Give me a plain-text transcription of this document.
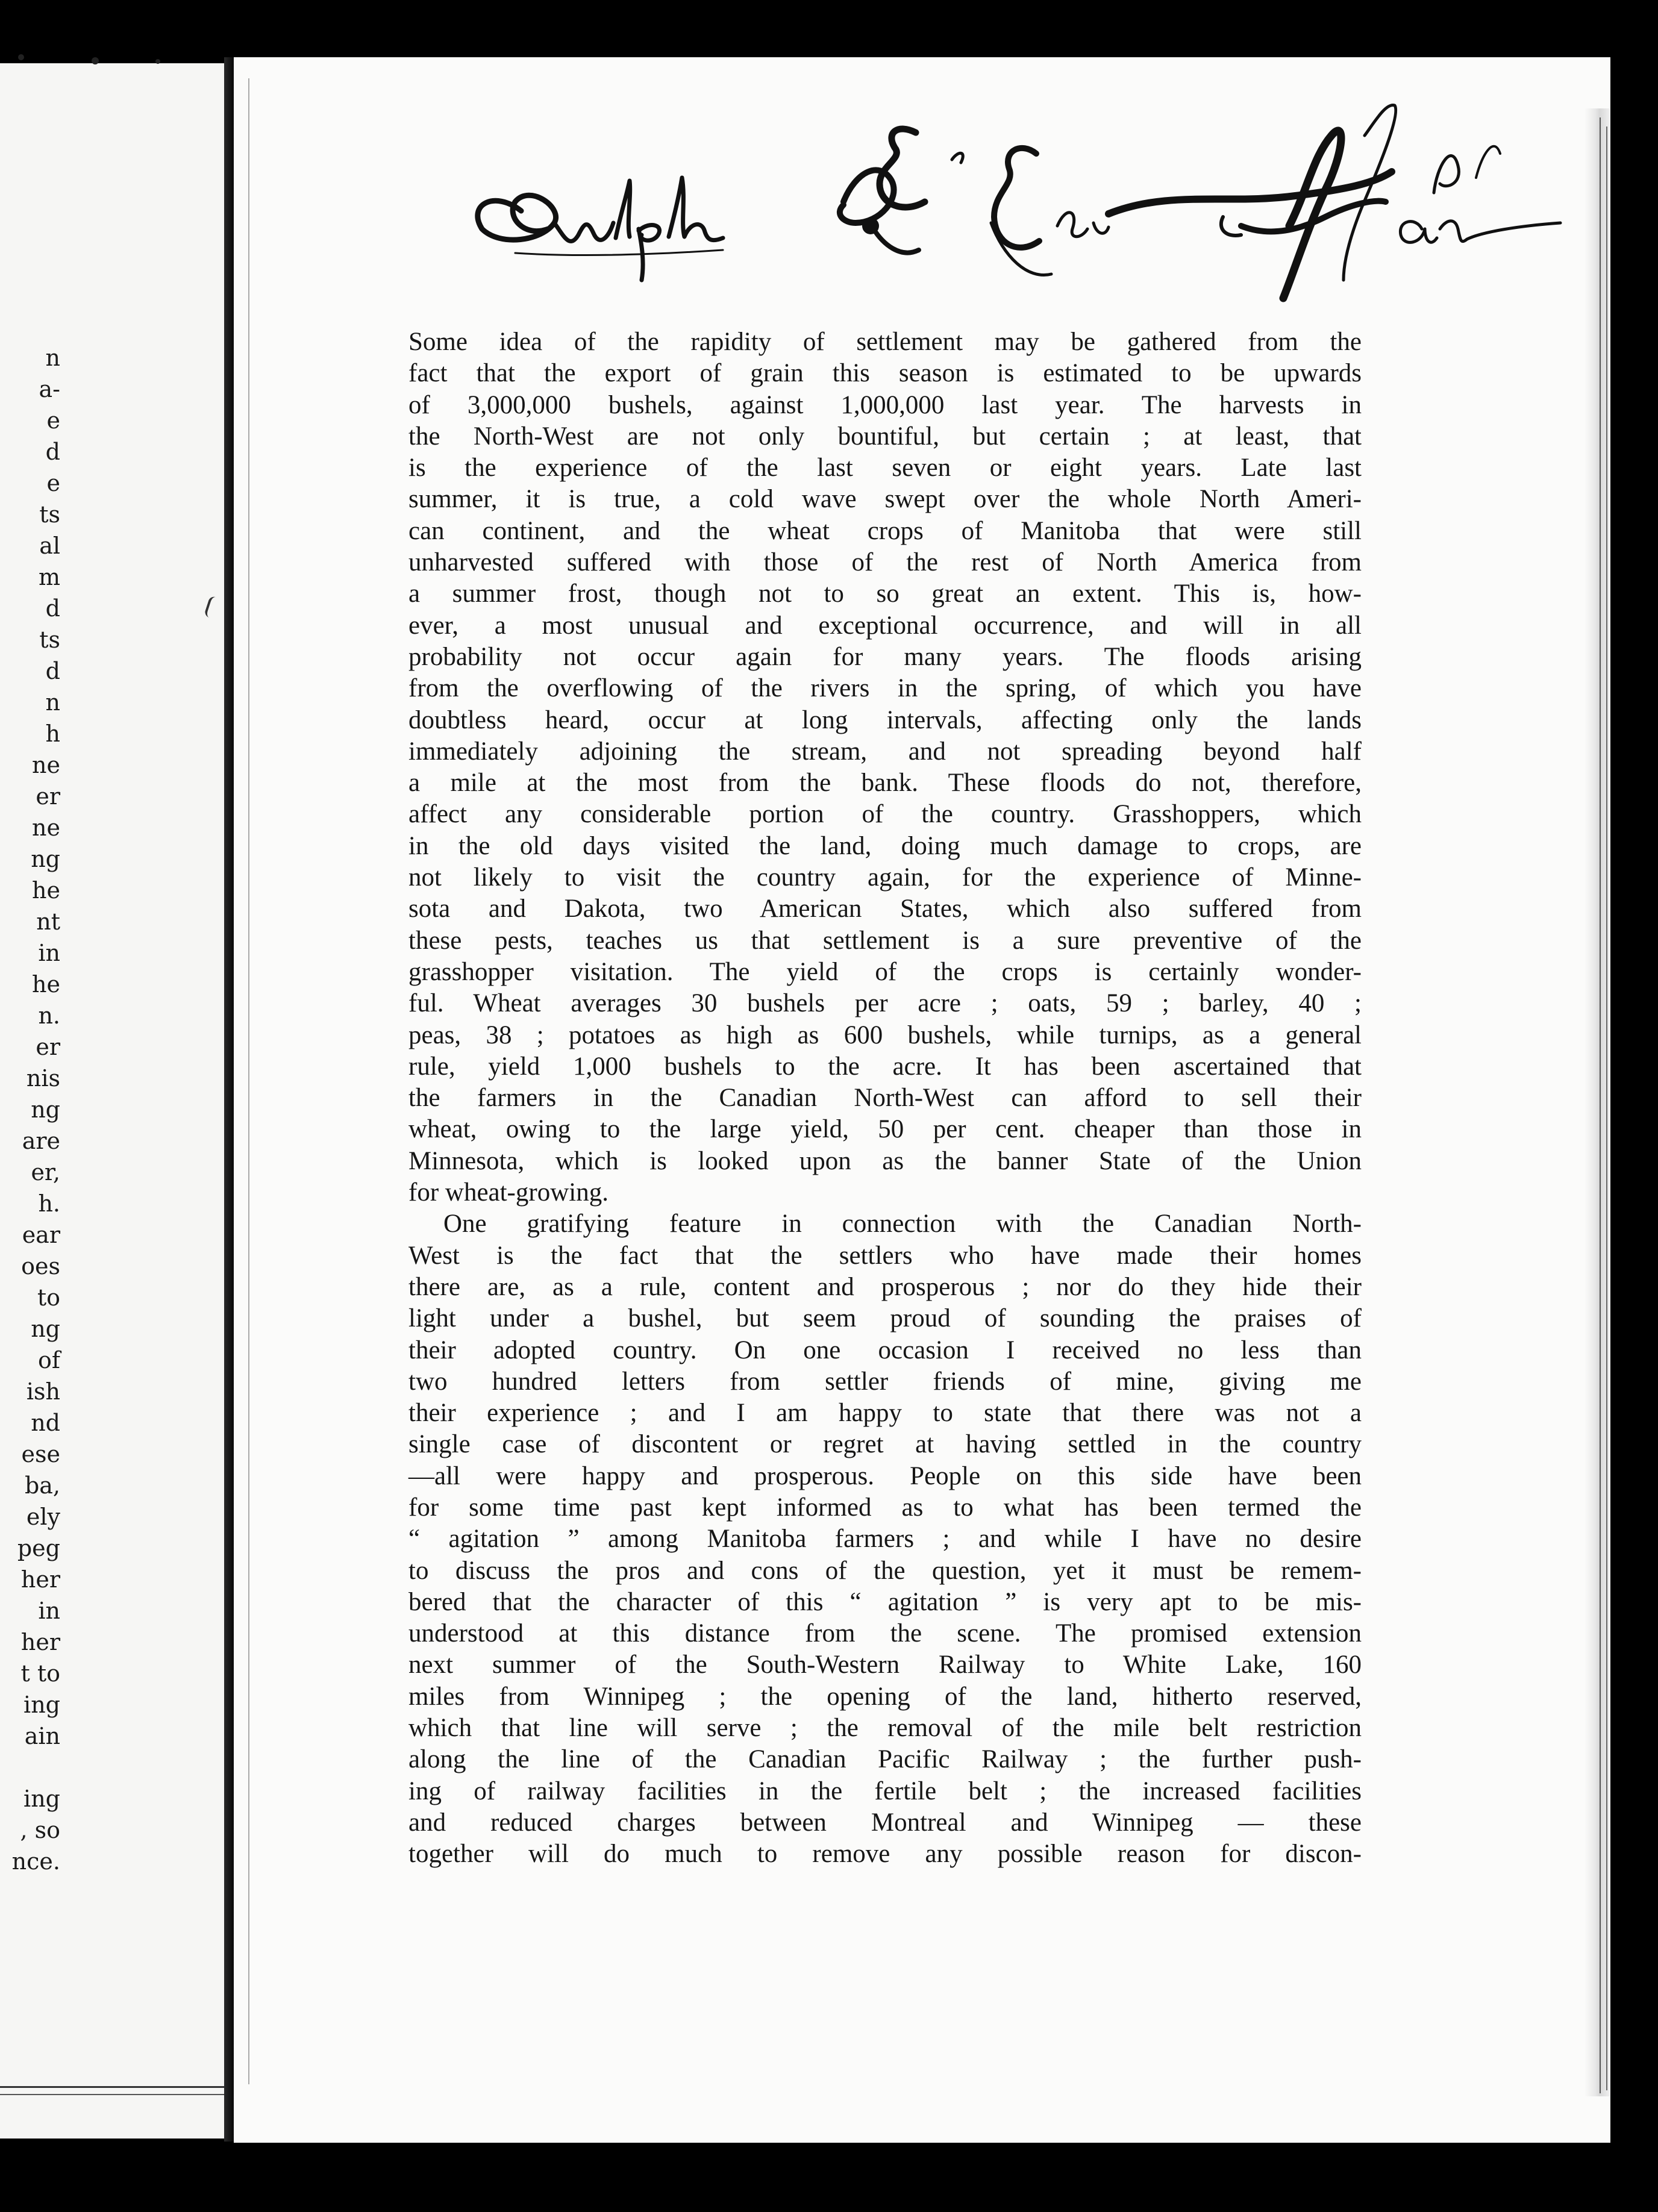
n
a-
e
d
e
ts
al
m
d
ts
d
n
h
ne
er
ne
ng
he
nt
in
he
n.
er
nis
ng
are
er,
h.
ear
oes
to
ng
of
ish
nd
ese
ba,
ely
peg
her
in
her
t to
ing
ain
ing
, so
nce.

Some idea of the rapidity of settlement may be gathered from the

fact that the export of grain this season is estimated to be upwards

of 3,000,000 bushels, against 1,000,000 last year. The harvests in

the North-West are not only bountiful, but certain ; at least, that

is the experience of the last seven or eight years. Late last

summer, it is true, a cold wave swept over the whole North Ameri-

can continent, and the wheat crops of Manitoba that were still

unharvested suffered with those of the rest of North America from

a summer frost, though not to so great an extent. This is, how-

ever, a most unusual and exceptional occurrence, and will in all

probability not occur again for many years. The floods arising

from the overflowing of the rivers in the spring, of which you have

doubtless heard, occur at long intervals, affecting only the lands

immediately adjoining the stream, and not spreading beyond half

a mile at the most from the bank. These floods do not, therefore,

affect any considerable portion of the country. Grasshoppers, which

in the old days visited the land, doing much damage to crops, are

not likely to visit the country again, for the experience of Minne-

sota and Dakota, two American States, which also suffered from

these pests, teaches us that settlement is a sure preventive of the

grasshopper visitation. The yield of the crops is certainly wonder-

ful. Wheat averages 30 bushels per acre ; oats, 59 ; barley, 40 ;

peas, 38 ; potatoes as high as 600 bushels, while turnips, as a general

rule, yield 1,000 bushels to the acre. It has been ascertained that

the farmers in the Canadian North-West can afford to sell their

wheat, owing to the large yield, 50 per cent. cheaper than those in

Minnesota, which is looked upon as the banner State of the Union

for wheat-growing.

One gratifying feature in connection with the Canadian North-

West is the fact that the settlers who have made their homes

there are, as a rule, content and prosperous ; nor do they hide their

light under a bushel, but seem proud of sounding the praises of

their adopted country. On one occasion I received no less than

two hundred letters from settler friends of mine, giving me

their experience ; and I am happy to state that there was not a

single case of discontent or regret at having settled in the country

—all were happy and prosperous. People on this side have been

for some time past kept informed as to what has been termed the

“ agitation ” among Manitoba farmers ; and while I have no desire

to discuss the pros and cons of the question, yet it must be remem-

bered that the character of this “ agitation ” is very apt to be mis-

understood at this distance from the scene. The promised extension

next summer of the South-Western Railway to White Lake, 160

miles from Winnipeg ; the opening of the land, hitherto reserved,

which that line will serve ; the removal of the mile belt restriction

along the line of the Canadian Pacific Railway ; the further push-

ing of railway facilities in the fertile belt ; the increased facilities

and reduced charges between Montreal and Winnipeg — these

together will do much to remove any possible reason for discon-
